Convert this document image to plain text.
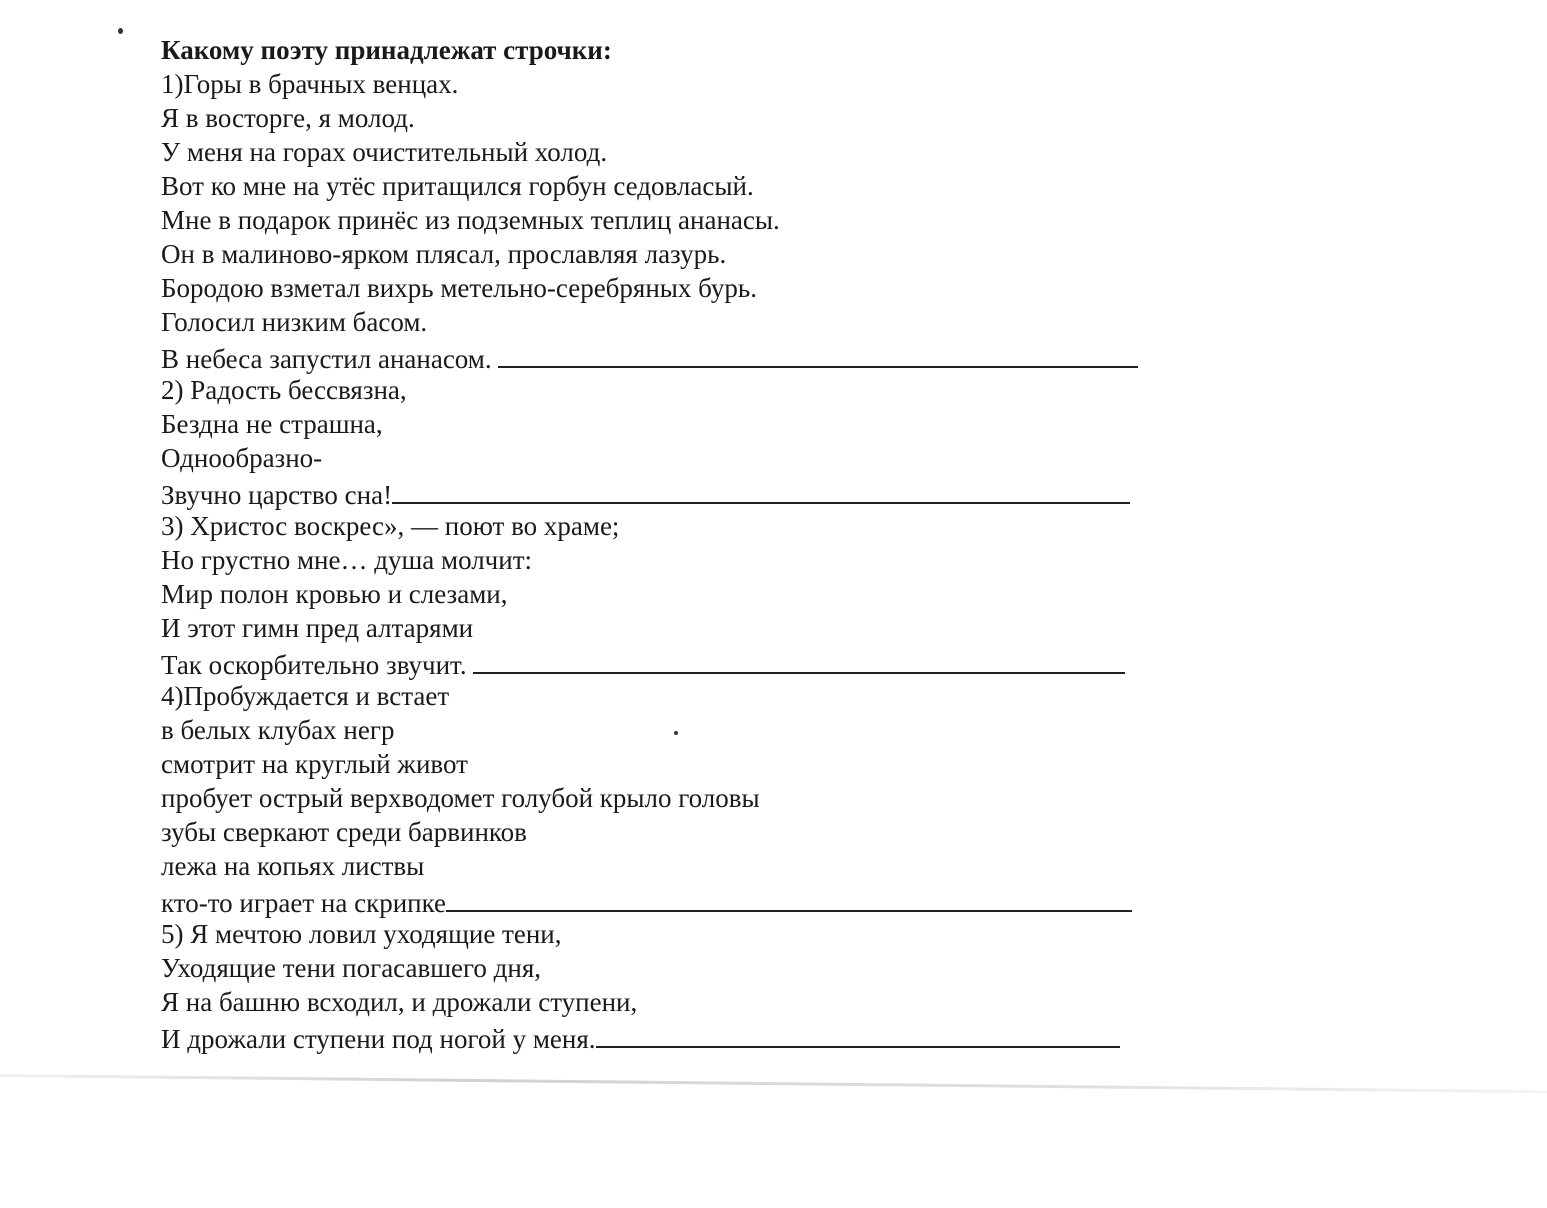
Какому поэту принадлежат строчки:
1)Горы в брачных венцах.
Я в восторге, я молод.
У меня на горах очистительный холод.
Вот ко мне на утёс притащился горбун седовласый.
Мне в подарок принёс из подземных теплиц ананасы.
Он в малиново-ярком плясал, прославляя лазурь.
Бородою взметал вихрь метельно-серебряных бурь.
Голосил низким басом.
В небеса запустил ананасом.
2) Радость бессвязна,
Бездна не страшна,
Однообразно-
Звучно царство сна!
3) Христос воскрес», — поют во храме;
Но грустно мне… душа молчит:
Мир полон кровью и слезами,
И этот гимн пред алтарями
Так оскорбительно звучит.
4)Пробуждается и встает
в белых клубах негр
смотрит на круглый живот
пробует острый верхводомет голубой крыло головы
зубы сверкают среди барвинков
лежа на копьях листвы
кто-то играет на скрипке
5) Я мечтою ловил уходящие тени,
Уходящие тени погасавшего дня,
Я на башню всходил, и дрожали ступени,
И дрожали ступени под ногой у меня.
